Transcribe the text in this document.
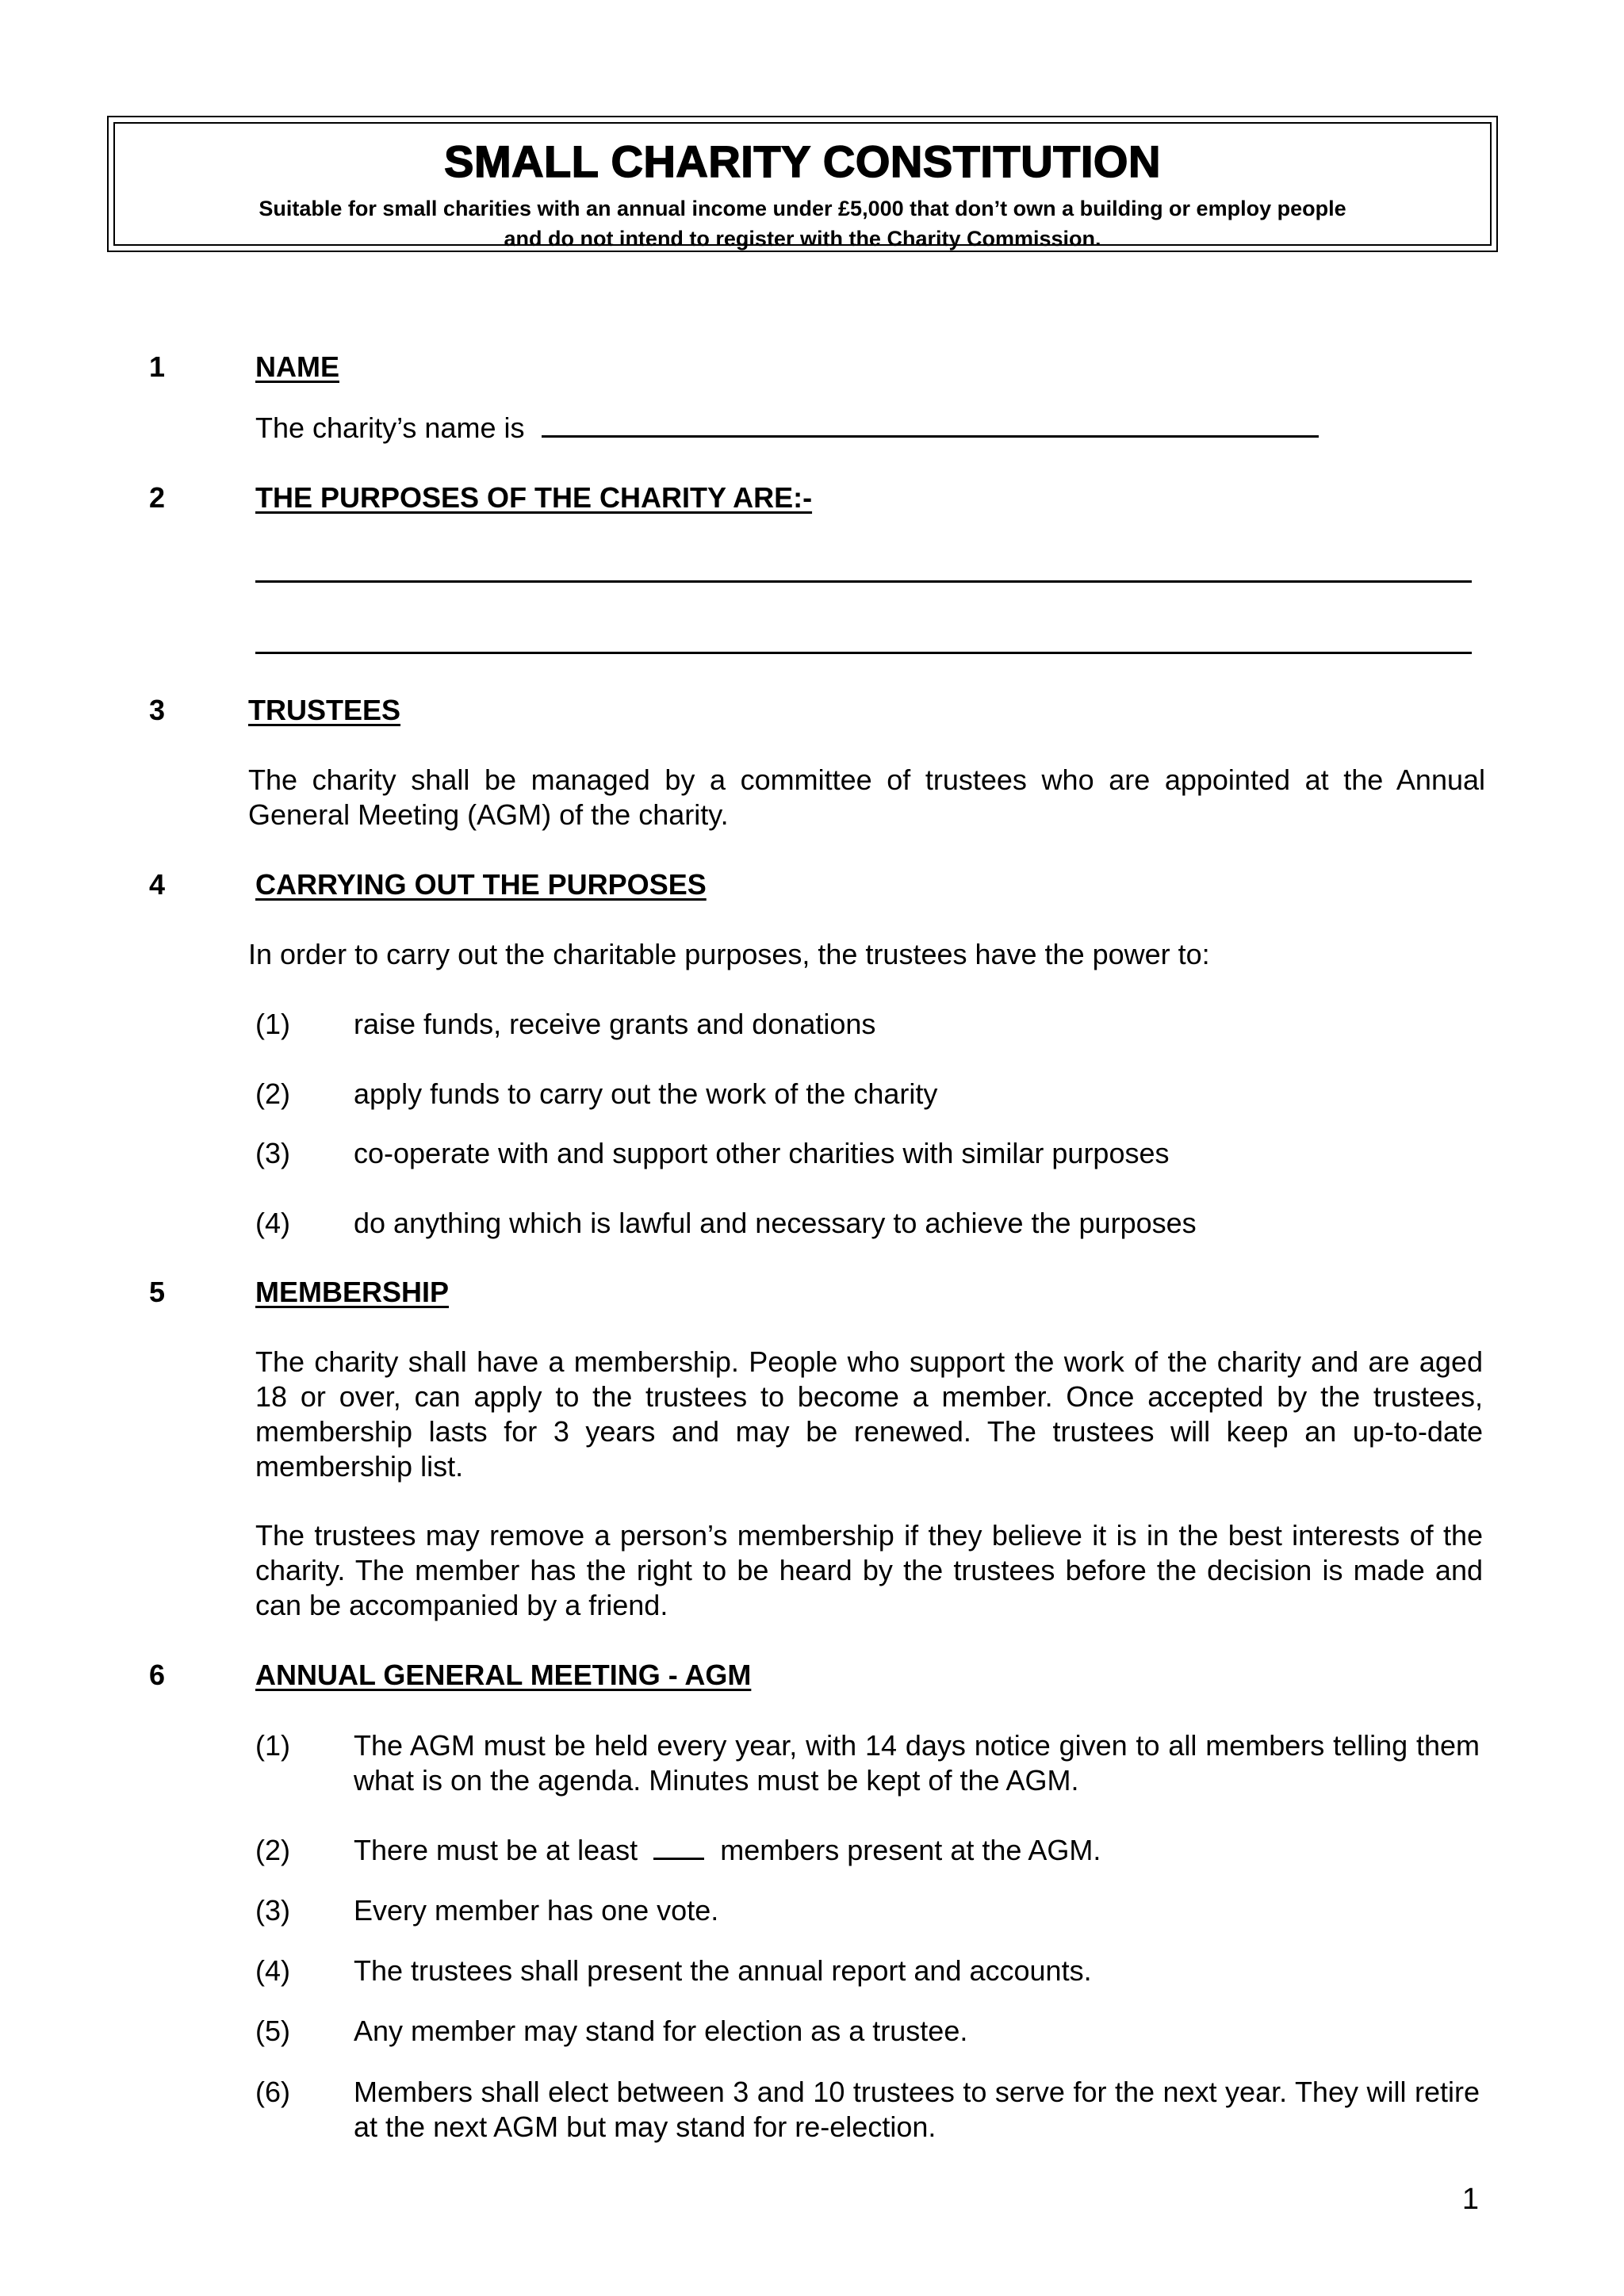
SMALL CHARITY CONSTITUTION
Suitable for small charities with an annual income under £5,000 that don’t own a building or employ people
and do not intend to register with the Charity Commission.
1	NAME
The charity’s name is
2	THE PURPOSES OF THE CHARITY ARE:-
3	TRUSTEES
The charity shall be managed by a committee of trustees who are appointed at the Annual General Meeting (AGM) of the charity.
4	CARRYING OUT THE PURPOSES
In order to carry out the charitable purposes, the trustees have the power to:
(1) raise funds, receive grants and donations
(2) apply funds to carry out the work of the charity
(3) co-operate with and support other charities with similar purposes
(4) do anything which is lawful and necessary to achieve the purposes
5	MEMBERSHIP
The charity shall have a membership. People who support the work of the charity and are aged 18 or over, can apply to the trustees to become a member. Once accepted by the trustees, membership lasts for 3 years and may be renewed. The trustees will keep an up-to-date membership list.
The trustees may remove a person’s membership if they believe it is in the best interests of the charity. The member has the right to be heard by the trustees before the decision is made and can be accompanied by a friend.
6	ANNUAL GENERAL MEETING - AGM
(1) The AGM must be held every year, with 14 days notice given to all members telling them what is on the agenda. Minutes must be kept of the AGM.
(2) There must be at least	members present at the AGM.
(3) Every member has one vote.
(4) The trustees shall present the annual report and accounts.
(5) Any member may stand for election as a trustee.
(6) Members shall elect between 3 and 10 trustees to serve for the next year. They will retire at the next AGM but may stand for re-election.
1
